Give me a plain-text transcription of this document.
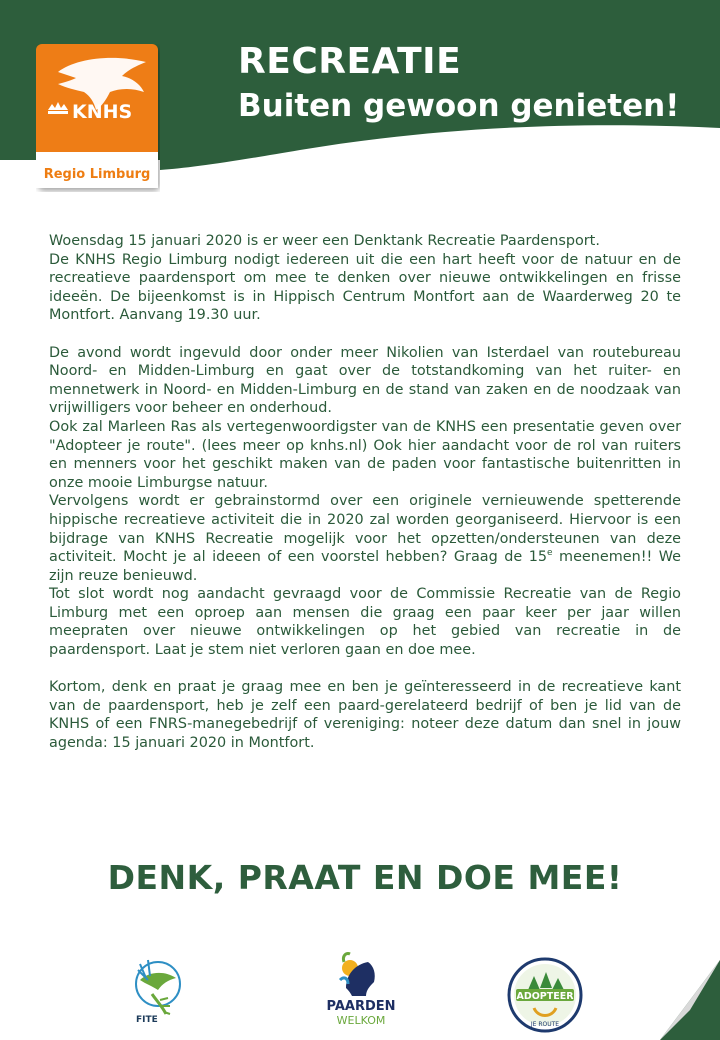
KNHS
Regio Limburg
RECREATIE
Buiten gewoon genieten!

Woensdag 15 januari 2020 is er weer een Denktank Recreatie Paardensport.

De KNHS Regio Limburg nodigt iedereen uit die een hart heeft voor de natuur en de recreatieve paardensport om mee te denken over nieuwe ontwikkelingen en frisse ideeën. De bijeenkomst is in Hippisch Centrum Montfort aan de Waarderweg 20 te Montfort. Aanvang 19.30 uur.

De avond wordt ingevuld door onder meer Nikolien van Isterdael van routebureau Noord- en Midden-Limburg en gaat over de totstandkoming van het ruiter- en mennetwerk in Noord- en Midden-Limburg en de stand van zaken en de noodzaak van vrijwilligers voor beheer en onderhoud.

Ook zal Marleen Ras als vertegenwoordigster van de KNHS een presentatie geven over "Adopteer je route". (lees meer op knhs.nl) Ook hier aandacht voor de rol van ruiters en menners voor het geschikt maken van de paden voor fantastische buitenritten in onze mooie Limburgse natuur.

Vervolgens wordt er gebrainstormd over een originele vernieuwende spetterende hippische recreatieve activiteit die in 2020 zal worden georganiseerd. Hiervoor is een bijdrage van KNHS Recreatie mogelijk voor het opzetten/ondersteunen van deze activiteit. Mocht je al ideeen of een voorstel hebben? Graag de 15e meenemen!! We zijn reuze benieuwd.

Tot slot wordt nog aandacht gevraagd voor de Commissie Recreatie van de Regio Limburg met een oproep aan mensen die graag een paar keer per jaar willen meepraten over nieuwe ontwikkelingen op het gebied van recreatie in de paardensport. Laat je stem niet verloren gaan en doe mee.

Kortom, denk en praat je graag mee en ben je geïnteresseerd in de recreatieve kant van de paardensport, heb je zelf een paard-gerelateerd bedrijf of ben je lid van de KNHS of een FNRS-manegebedrijf of vereniging: noteer deze datum dan snel in jouw agenda: 15 januari 2020 in Montfort.

DENK, PRAAT EN DOE MEE!
FITE
PAARDEN
WELKOM
ADOPTEER
JE ROUTE
